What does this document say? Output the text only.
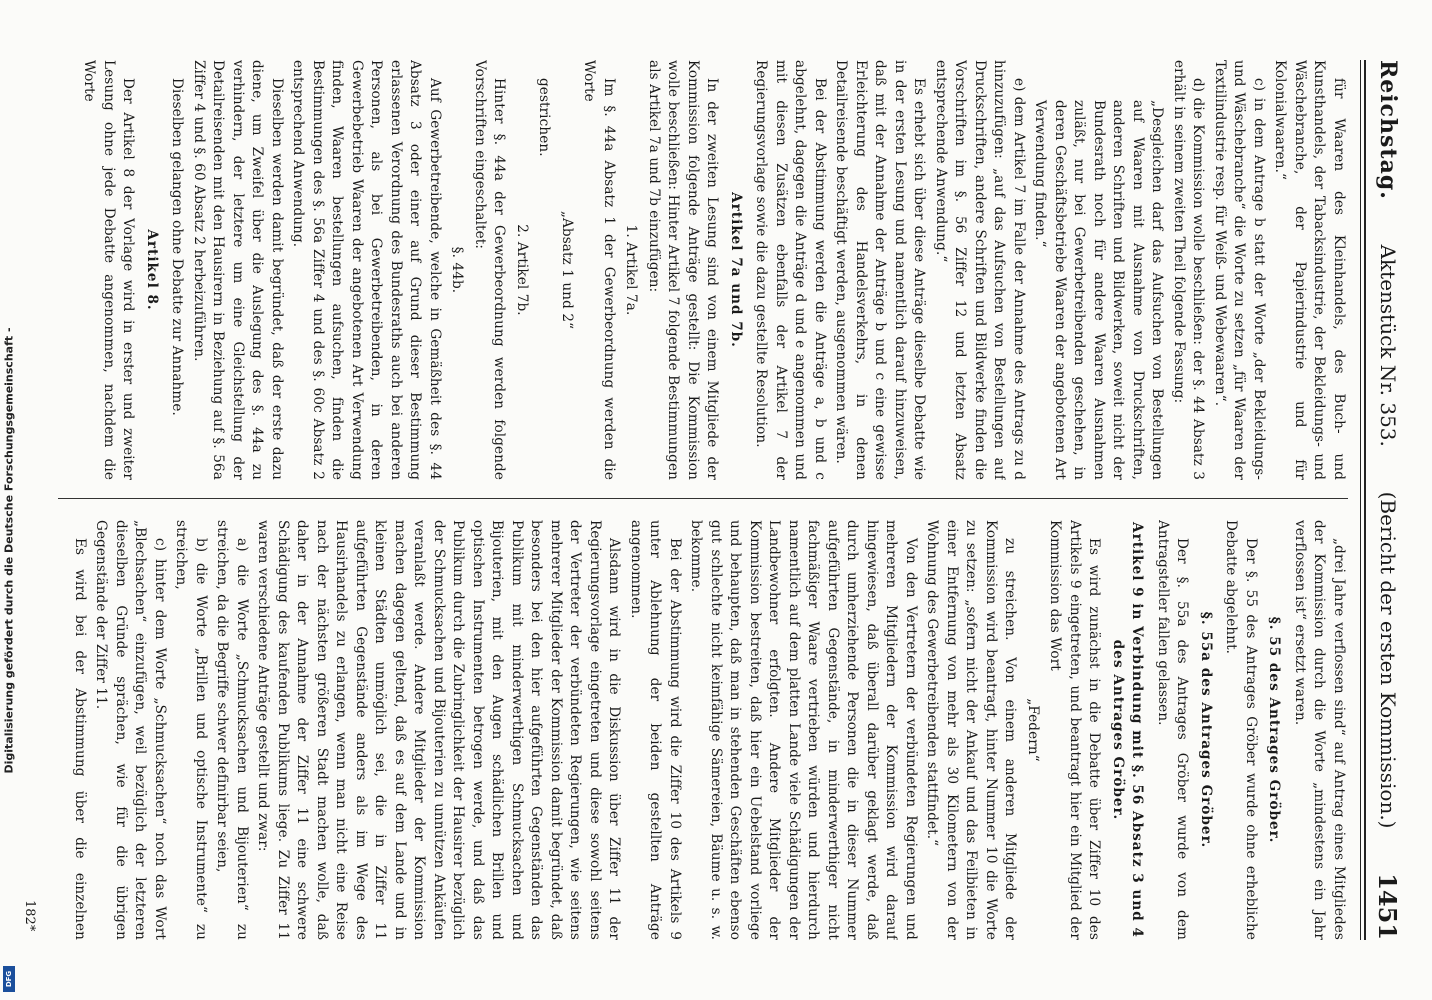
Reichstag.
Aktenstück Nr. 353.
(Bericht der ersten Kommission.)
1451

für Waaren des Kleinhandels, des Buch- und Kunsthandels, der Tabacksindustrie, der Bekleidungs- und Wäschebranche, der Papierindustrie und für Kolonialwaaren.“

c) in dem Antrage b statt der Worte „der Bekleidungs- und Wäschebranche“ die Worte zu setzen „für Waaren der Textilindustrie resp. für Weiß- und Webewaaren“.

d) die Kommission wolle beschließen: der §. 44 Absatz 3 erhält in seinem zweiten Theil folgende Fassung:

„Desgleichen darf das Aufsuchen von Bestellungen auf Waaren mit Ausnahme von Druckschriften, anderen Schriften und Bildwerken, soweit nicht der Bundesrath noch für andere Waaren Ausnahmen zuläßt, nur bei Gewerbetreibenden geschehen, in deren Geschäftsbetriebe Waaren der angebotenen Art Verwendung finden.“

e) dem Artikel 7 im Falle der Annahme des Antrags zu d hinzuzufügen: „auf das Aufsuchen von Bestellungen auf Druckschriften, andere Schriften und Bildwerke finden die Vorschriften im §. 56 Ziffer 12 und letzten Absatz entsprechende Anwendung.“

Es erhebt sich über diese Anträge dieselbe Debatte wie in der ersten Lesung und namentlich darauf hinzuweisen, daß mit der Annahme der Anträge b und c eine gewisse Erleichterung des Handelsverkehrs, in denen Detailreisende beschäftigt werden, ausgenommen wären.

Bei der Abstimmung werden die Anträge a, b und c abgelehnt, dagegen die Anträge d und e angenommen und mit diesen Zusätzen ebenfalls der Artikel 7 der Regierungsvorlage sowie die dazu gestellte Resolution.

Artikel 7a und 7b.

In der zweiten Lesung sind von einem Mitgliede der Kommission folgende Anträge gestellt: Die Kommission wolle beschließen: Hinter Artikel 7 folgende Bestimmungen als Artikel 7a und 7b einzufügen:

1. Artikel 7a.

Im §. 44a Absatz 1 der Gewerbeordnung werden die Worte

„Absatz 1 und 2“

gestrichen.

2. Artikel 7b.

Hinter §. 44a der Gewerbeordnung werden folgende Vorschriften eingeschaltet:

§. 44b.

Auf Gewerbetreibende, welche in Gemäßheit des §. 44 Absatz 3 oder einer auf Grund dieser Bestimmung erlassenen Verordnung des Bundesraths auch bei anderen Personen, als bei Gewerbetreibenden, in deren Gewerbebetrieb Waaren der angebotenen Art Verwendung finden, Waaren bestellungen aufsuchen, finden die Bestimmungen des §. 56a Ziffer 4 und des §. 60c Absatz 2 entsprechend Anwendung.

Dieselben werden damit begründet, daß der erste dazu diene, um Zweifel über die Auslegung des §. 44a zu verhindern, der letztere um eine Gleichstellung der Detailreisenden mit den Hausirern in Beziehung auf §. 56a Ziffer 4 und §. 60 Absatz 2 herbeizuführen.

Dieselben gelangen ohne Debatte zur Annahme.

Artikel 8.

Der Artikel 8 der Vorlage wird in erster und zweiter Lesung ohne jede Debatte angenommen, nachdem die Worte

„drei Jahre verflossen sind“ auf Antrag eines Mitgliedes der Kommission durch die Worte „mindestens ein Jahr verflossen ist“ ersetzt waren.

§. 55 des Antrages Gröber.

Der §. 55 des Antrages Gröber wurde ohne erhebliche Debatte abgelehnt.

§. 55a des Antrages Gröber.

Der §. 55a des Antrages Gröber wurde von dem Antragsteller fallen gelassen.

Artikel 9 in Verbindung mit §. 56 Absatz 3 und 4 des Antrages Gröber.

Es wird zunächst in die Debatte über Ziffer 10 des Artikels 9 eingetreten, und beantragt hier ein Mitglied der Kommission das Wort

„Federn“

zu streichen. Von einem anderen Mitgliede der Kommission wird beantragt, hinter Nummer 10 die Worte zu setzen: „sofern nicht der Ankauf und das Feilbieten in einer Entfernung von mehr als 30 Kilometern von der Wohnung des Gewerbetreibenden stattfindet.“

Von den Vertretern der verbündeten Regierungen und mehreren Mitgliedern der Kommission wird darauf hingewiesen, daß überall darüber geklagt werde, daß durch umherziehende Personen die in dieser Nummer aufgeführten Gegenstände, in minderwerthiger nicht fachmäßiger Waare vertrieben würden und hierdurch namentlich auf dem platten Lande viele Schädigungen der Landbewohner erfolgten. Andere Mitglieder der Kommission bestreiten, daß hier ein Uebelstand vorliege und behaupten, daß man in stehenden Geschäften ebenso gut schlechte nicht keimfähige Sämereien, Bäume u. s. w. bekomme.

Bei der Abstimmung wird die Ziffer 10 des Artikels 9 unter Ablehnung der beiden gestellten Anträge angenommen.

Alsdann wird in die Diskussion über Ziffer 11 der Regierungsvorlage eingetreten und diese sowohl seitens der Vertreter der verbündeten Regierungen, wie seitens mehrerer Mitglieder der Kommission damit begründet, daß besonders bei den hier aufgeführten Gegenständen das Publikum mit minderwerthigen Schmucksachen und Bijouterien, mit den Augen schädlichen Brillen und optischen Instrumenten betrogen werde, und daß das Publikum durch die Zubringlichkeit der Hausirer bezüglich der Schmucksachen und Bijouterien zu unnützen Ankäufen veranlaßt werde. Andere Mitglieder der Kommission machen dagegen geltend, daß es auf dem Lande und in kleinen Städten unmöglich sei, die in Ziffer 11 aufgeführten Gegenstände anders als im Wege des Hausirhandels zu erlangen, wenn man nicht eine Reise nach der nächsten größeren Stadt machen wolle, daß daher in der Annahme der Ziffer 11 eine schwere Schädigung des kaufenden Publikums liege. Zu Ziffer 11 waren verschiedene Anträge gestellt und zwar:

a) die Worte „Schmucksachen und Bijouterien“ zu streichen, da die Begriffe schwer definirbar seien,

b) die Worte „Brillen und optische Instrumente“ zu streichen,

c) hinter dem Worte „Schmucksachen“ noch das Wort „Blechsachen“ einzufügen, weil bezüglich der letzteren dieselben Gründe sprächen, wie für die übrigen Gegenstände der Ziffer 11.

Es wird bei der Abstimmung über die einzelnen

182*
Digitalisierung gefördert durch die Deutsche Forschungsgemeinschaft -
DFG
